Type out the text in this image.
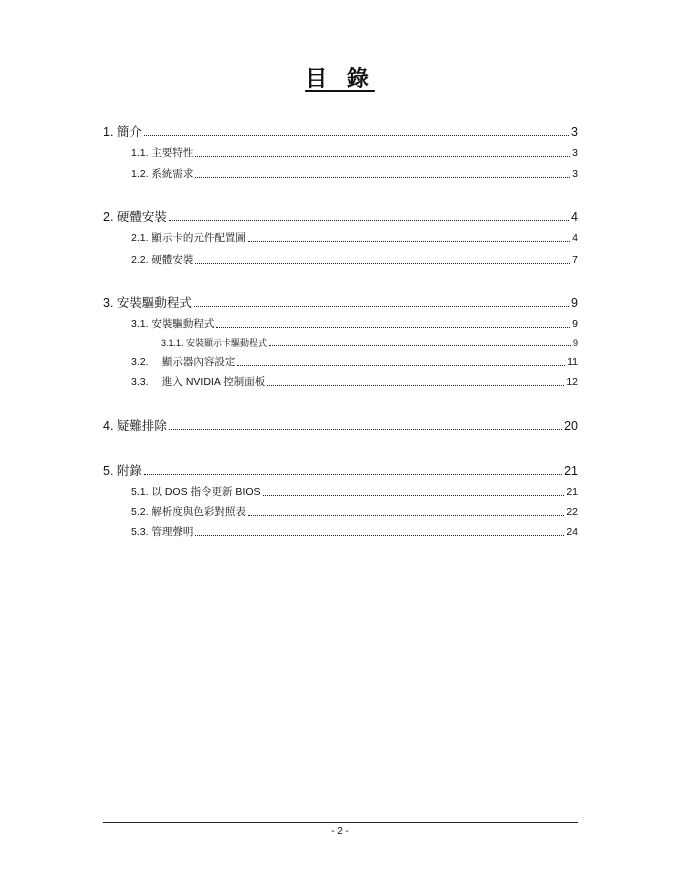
目 錄
1. 簡介	3
1.1. 主要特性	3
1.2. 系統需求	3
2. 硬體安裝	4
2.1. 顯示卡的元件配置圖	4
2.2. 硬體安裝	7
3. 安裝驅動程式	9
3.1. 安裝驅動程式	9
3.1.1. 安裝顯示卡驅動程式	9
3.2.　 顯示器內容設定	11
3.3.　 進入 NVIDIA 控制面板	12
4. 疑難排除	20
5. 附錄	21
5.1. 以 DOS 指令更新 BIOS	21
5.2. 解析度與色彩對照表	22
5.3. 管理聲明	24
- 2 -
